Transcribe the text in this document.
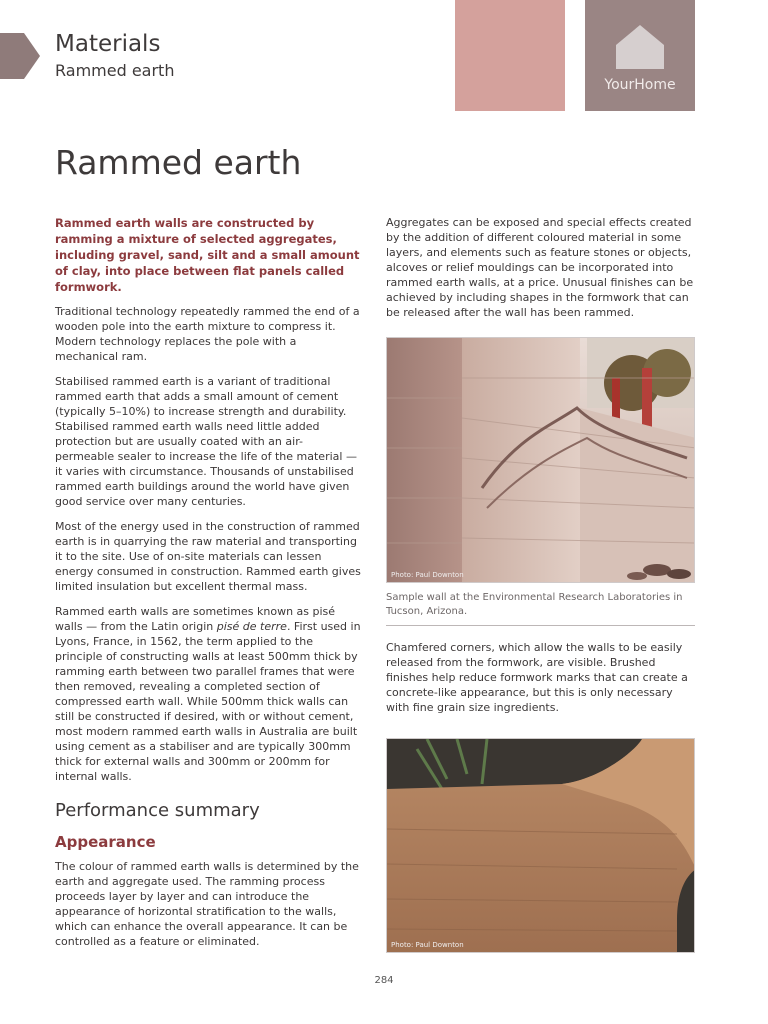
Materials
Rammed earth
YourHome
Rammed earth

Rammed earth walls are constructed by ramming a mixture of selected aggregates, including gravel, sand, silt and a small amount of clay, into place between flat panels called formwork.

Traditional technology repeatedly rammed the end of a wooden pole into the earth mixture to compress it. Modern technology replaces the pole with a mechanical ram.

Stabilised rammed earth is a variant of traditional rammed earth that adds a small amount of cement (typically 5–10%) to increase strength and durability. Stabilised rammed earth walls need little added protection but are usually coated with an air-permeable sealer to increase the life of the material — it varies with circumstance. Thousands of unstabilised rammed earth buildings around the world have given good service over many centuries.

Most of the energy used in the construction of rammed earth is in quarrying the raw material and transporting it to the site. Use of on-site materials can lessen energy consumed in construction. Rammed earth gives limited insulation but excellent thermal mass.

Rammed earth walls are sometimes known as pisé walls — from the Latin origin pisé de terre. First used in Lyons, France, in 1562, the term applied to the principle of constructing walls at least 500mm thick by ramming earth between two parallel frames that were then removed, revealing a completed section of compressed earth wall. While 500mm thick walls can still be constructed if desired, with or without cement, most modern rammed earth walls in Australia are built using cement as a stabiliser and are typically 300mm thick for external walls and 300mm or 200mm for internal walls.

Performance summary
Appearance

The colour of rammed earth walls is determined by the earth and aggregate used. The ramming process proceeds layer by layer and can introduce the appearance of horizontal stratification to the walls, which can enhance the overall appearance. It can be controlled as a feature or eliminated.

Aggregates can be exposed and special effects created by the addition of different coloured material in some layers, and elements such as feature stones or objects, alcoves or relief mouldings can be incorporated into rammed earth walls, at a price. Unusual finishes can be achieved by including shapes in the formwork that can be released after the wall has been rammed.

Photo: Paul Downton
Sample wall at the Environmental Research Laboratories in Tucson, Arizona.

Chamfered corners, which allow the walls to be easily released from the formwork, are visible. Brushed finishes help reduce formwork marks that can create a concrete-like appearance, but this is only necessary with fine grain size ingredients.

Photo: Paul Downton
284
